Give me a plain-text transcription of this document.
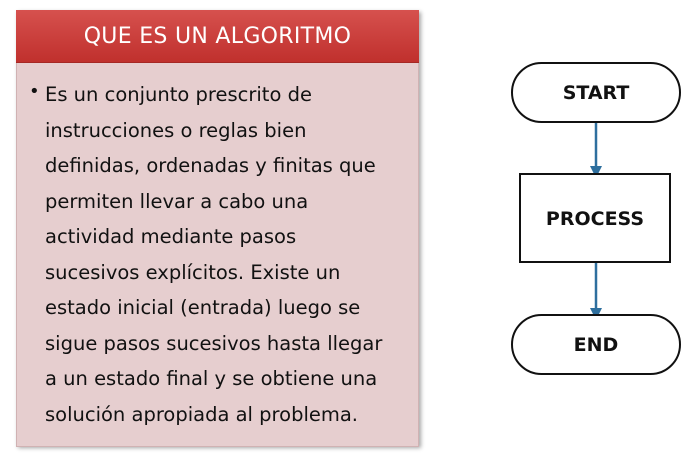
QUE ES UN ALGORITMO
• Es un conjunto prescrito de
instrucciones o reglas bien
definidas, ordenadas y finitas que
permiten llevar a cabo una
actividad mediante pasos
sucesivos explícitos. Existe un
estado inicial (entrada) luego se
sigue pasos sucesivos hasta llegar
a un estado final y se obtiene una
solución apropiada al problema.
START
PROCESS
END
